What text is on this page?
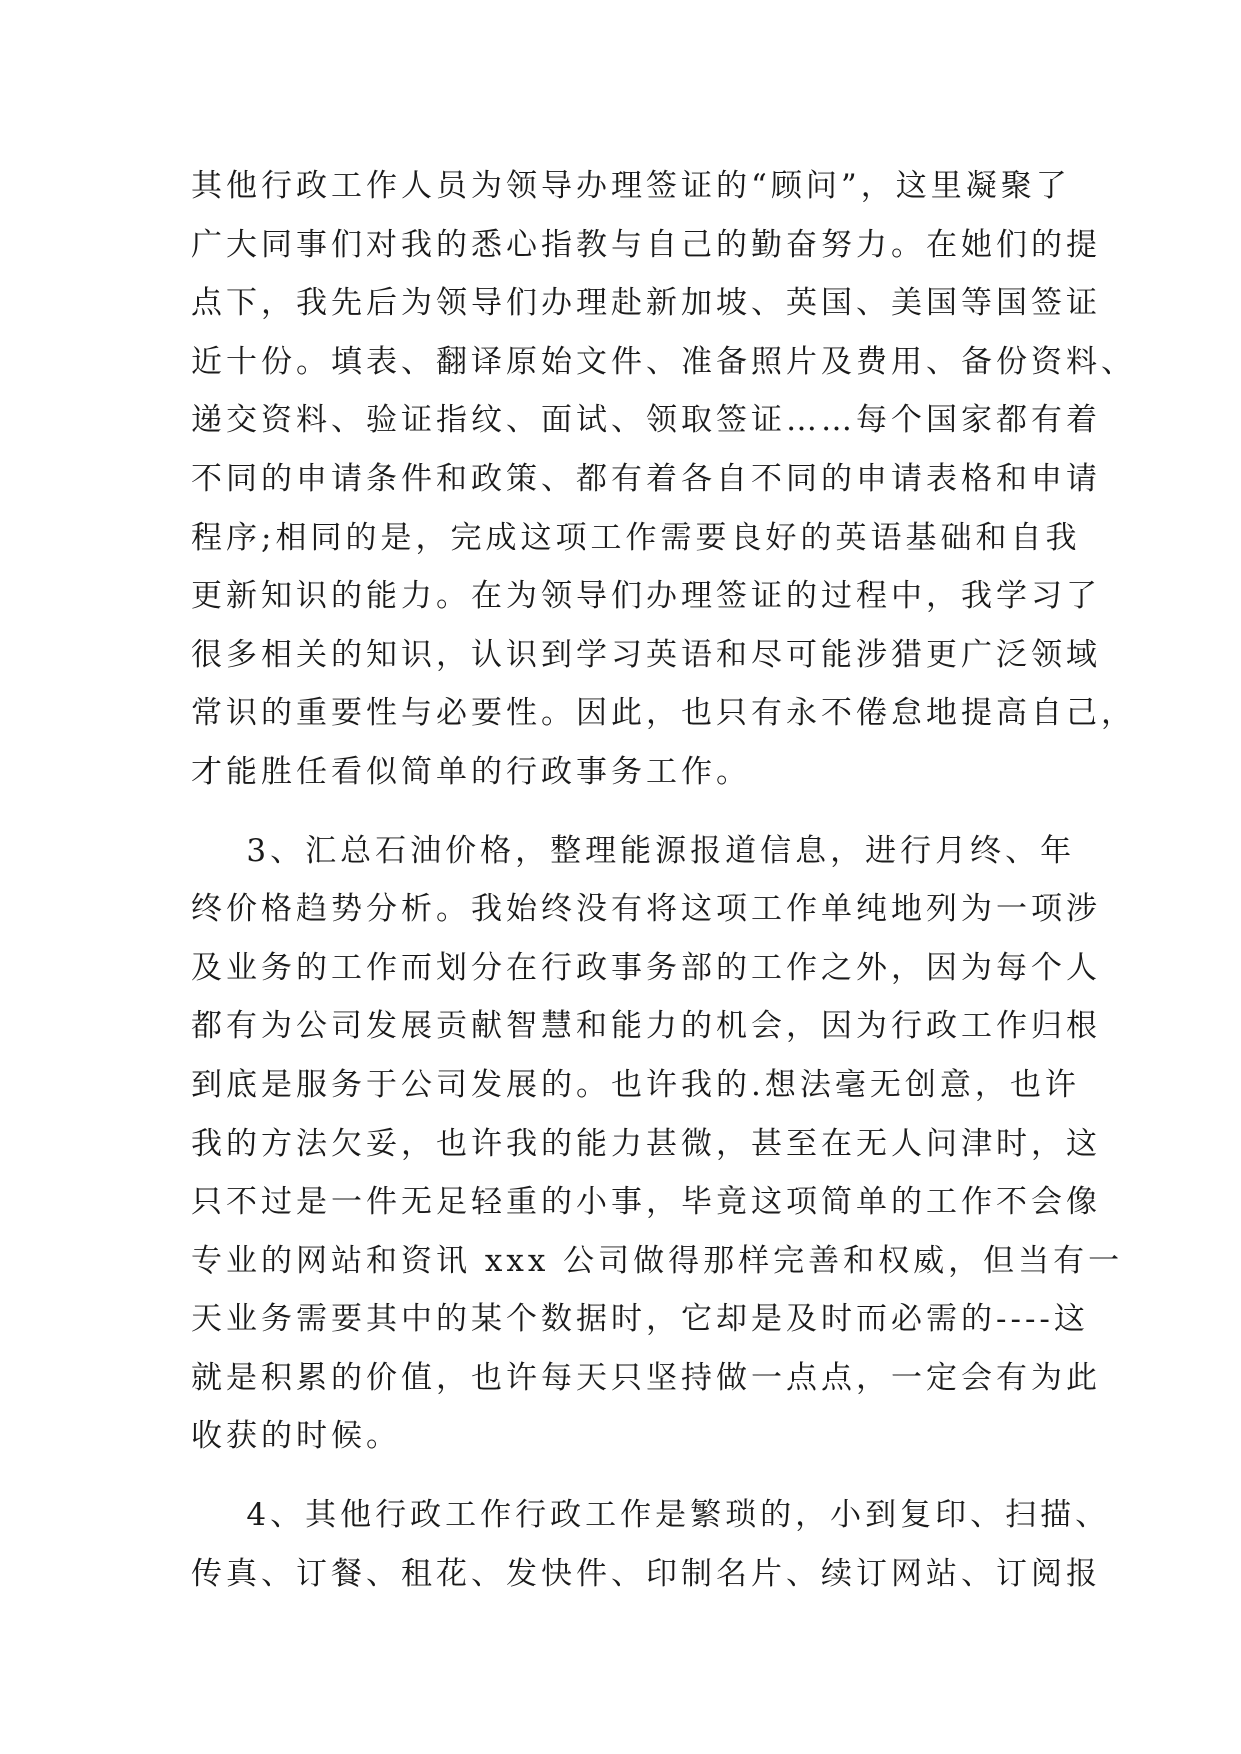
其他行政工作人员为领导办理签证的“顾问”，这里凝聚了
广大同事们对我的悉心指教与自己的勤奋努力。在她们的提
点下，我先后为领导们办理赴新加坡、英国、美国等国签证
近十份。填表、翻译原始文件、准备照片及费用、备份资料、
递交资料、验证指纹、面试、领取签证……每个国家都有着
不同的申请条件和政策、都有着各自不同的申请表格和申请
程序;相同的是，完成这项工作需要良好的英语基础和自我
更新知识的能力。在为领导们办理签证的过程中，我学习了
很多相关的知识，认识到学习英语和尽可能涉猎更广泛领域
常识的重要性与必要性。因此，也只有永不倦怠地提高自己，
才能胜任看似简单的行政事务工作。
3、汇总石油价格，整理能源报道信息，进行月终、年
终价格趋势分析。我始终没有将这项工作单纯地列为一项涉
及业务的工作而划分在行政事务部的工作之外，因为每个人
都有为公司发展贡献智慧和能力的机会，因为行政工作归根
到底是服务于公司发展的。也许我的.想法毫无创意，也许
我的方法欠妥，也许我的能力甚微，甚至在无人问津时，这
只不过是一件无足轻重的小事，毕竟这项简单的工作不会像
专业的网站和资讯 xxx 公司做得那样完善和权威，但当有一
天业务需要其中的某个数据时，它却是及时而必需的----这
就是积累的价值，也许每天只坚持做一点点，一定会有为此
收获的时候。
4、其他行政工作行政工作是繁琐的，小到复印、扫描、
传真、订餐、租花、发快件、印制名片、续订网站、订阅报
